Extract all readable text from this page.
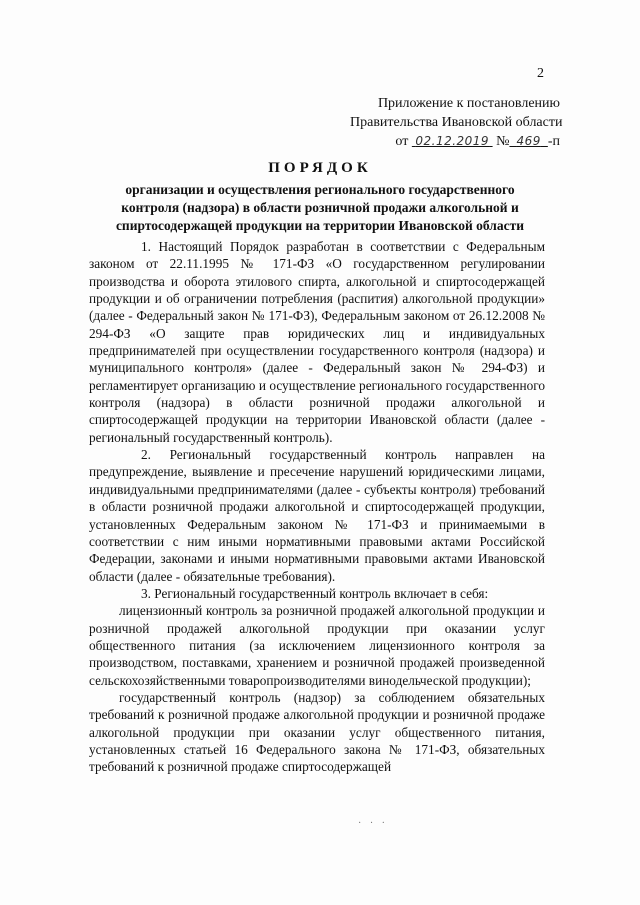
2
Приложение к постановлению
Правительства Ивановской области
от 02.12.2019 № 469 -п
ПОРЯДОК
организации и осуществления регионального государственного
контроля (надзора) в области розничной продажи алкогольной и
спиртосодержащей продукции на территории Ивановской области

1. Настоящий Порядок разработан в соответствии с Федеральным законом от 22.11.1995 № 171-ФЗ «О государственном регулировании производства и оборота этилового спирта, алкогольной и спиртосодержащей продукции и об ограничении потребления (распития) алкогольной продукции» (далее - Федеральный закон № 171-ФЗ), Федеральным законом от 26.12.2008 № 294-ФЗ «О защите прав юридических лиц и индивидуальных предпринимателей при осуществлении государственного контроля (надзора) и муниципального контроля» (далее - Федеральный закон № 294-ФЗ) и регламентирует организацию и осуществление регионального государственного контроля (надзора) в области розничной продажи алкогольной и спиртосодержащей продукции на территории Ивановской области (далее - региональный государственный контроль).

2. Региональный государственный контроль направлен на предупреждение, выявление и пресечение нарушений юридическими лицами, индивидуальными предпринимателями (далее - субъекты контроля) требований в области розничной продажи алкогольной и спиртосодержащей продукции, установленных Федеральным законом № 171-ФЗ и принимаемыми в соответствии с ним иными нормативными правовыми актами Российской Федерации, законами и иными нормативными правовыми актами Ивановской области (далее - обязательные требования).

3. Региональный государственный контроль включает в себя:

лицензионный контроль за розничной продажей алкогольной продукции и розничной продажей алкогольной продукции при оказании услуг общественного питания (за исключением лицензионного контроля за производством, поставками, хранением и розничной продажей произведенной сельскохозяйственными товаропроизводителями винодельческой продукции);

государственный контроль (надзор) за соблюдением обязательных требований к розничной продаже алкогольной продукции и розничной продаже алкогольной продукции при оказании услуг общественного питания, установленных статьей 16 Федерального закона № 171-ФЗ, обязательных требований к розничной продаже спиртосодержащей

· · ·
